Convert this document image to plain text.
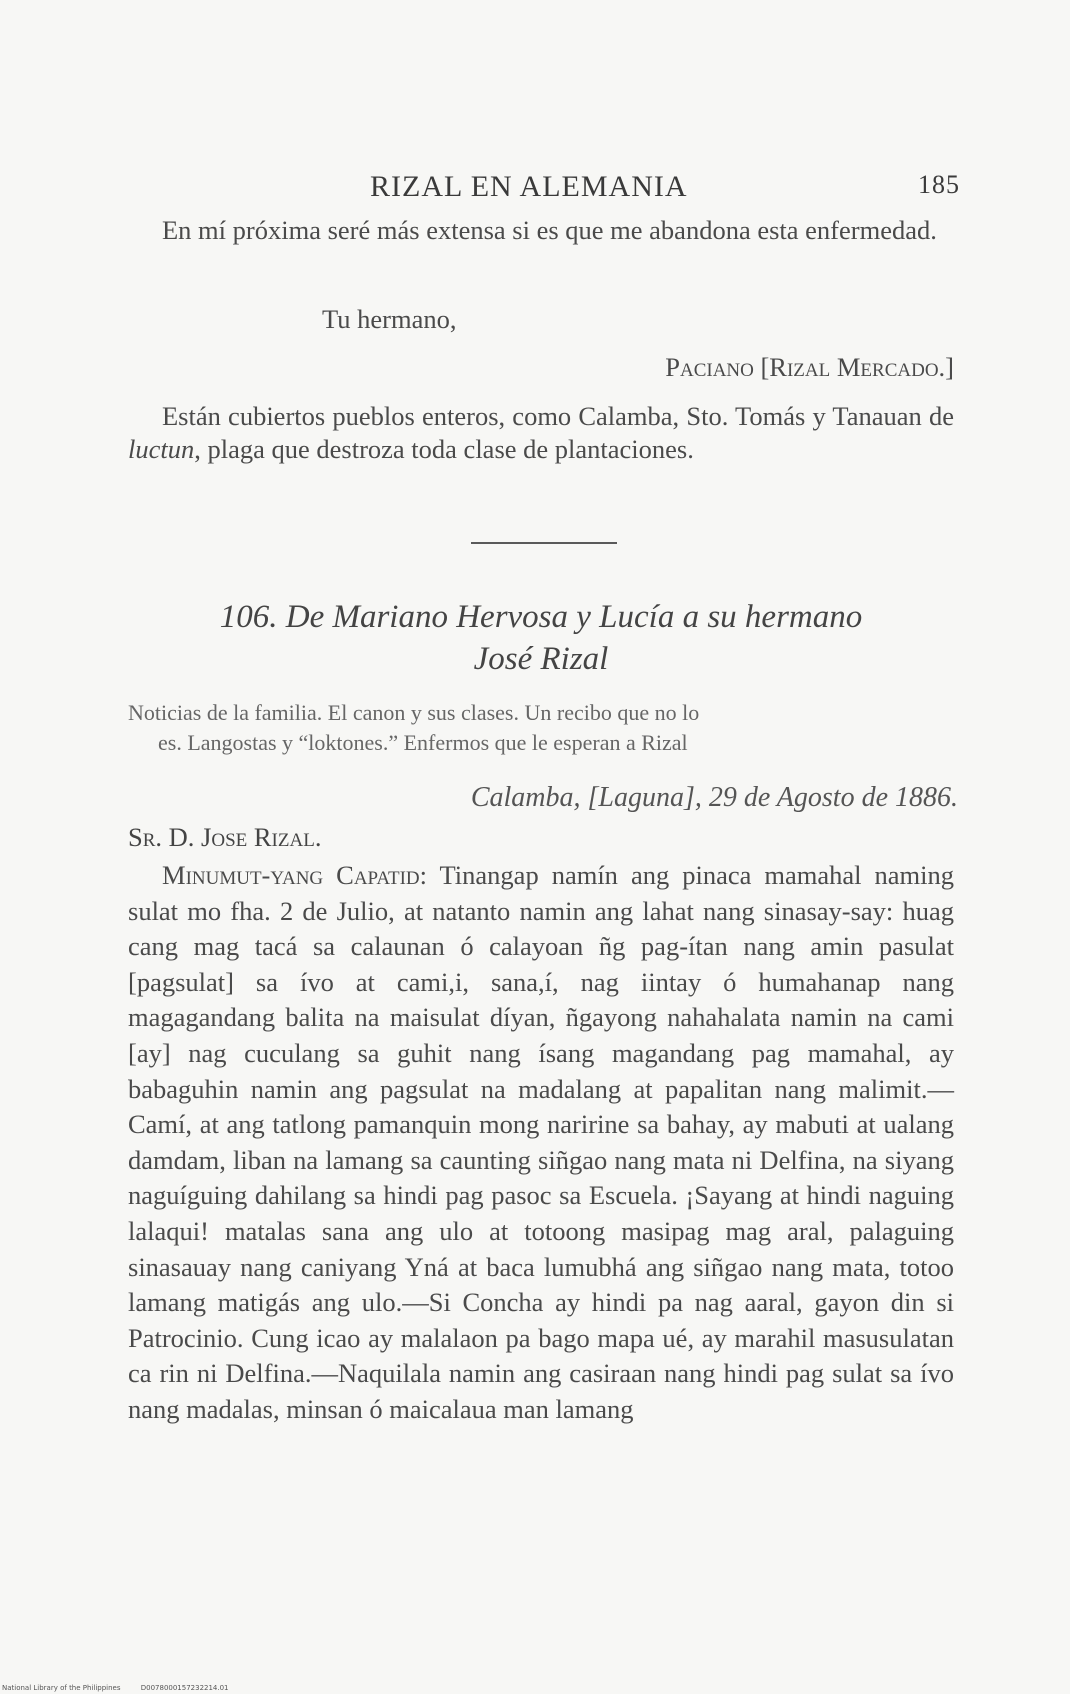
RIZAL EN ALEMANIA	185
En mí próxima seré más extensa si es que me abandona esta enfermedad.
Tu hermano,
Paciano [Rizal Mercado.]
Están cubiertos pueblos enteros, como Calamba, Sto. Tomás y Tanauan de luctun, plaga que destroza toda clase de plantaciones.
106. De Mariano Hervosa y Lucía a su hermano
José Rizal
Noticias de la familia. El canon y sus clases. Un recibo que no lo
es. Langostas y “loktones.” Enfermos que le esperan a Rizal
Calamba, [Laguna], 29 de Agosto de 1886.
Sr. D. Jose Rizal.
Minumut-yang Capatid: Tinangap namín ang pinaca mamahal naming sulat mo fha. 2 de Julio, at natanto namin ang lahat nang sinasay-say: huag cang mag tacá sa calaunan ó calayoan ñg pag-ítan nang amin pasulat [pagsulat] sa ívo at cami,i, sana,í, nag iintay ó humahanap nang magagandang balita na maisulat díyan, ñgayong nahahalata namin na cami [ay] nag cuculang sa guhit nang ísang magandang pag mamahal, ay babaguhin namin ang pagsulat na madalang at papalitan nang malimit.—Camí, at ang tatlong pamanquin mong naririne sa bahay, ay mabuti at ualang damdam, liban na lamang sa caunting siñgao nang mata ni Delfina, na siyang naguíguing dahilang sa hindi pag pasoc sa Escuela. ¡Sayang at hindi naguing lalaqui! matalas sana ang ulo at totoong masipag mag aral, palaguing sinasauay nang caniyang Yná at baca lumubhá ang siñgao nang mata, totoo lamang matigás ang ulo.—Si Concha ay hindi pa nag aaral, gayon din si Patrocinio. Cung icao ay malalaon pa bago mapa ué, ay marahil masusulatan ca rin ni Delfina.—Naquilala namin ang casiraan nang hindi pag sulat sa ívo nang madalas, minsan ó maicalaua man lamang
National Library of the Philippines	D0078000157232214.01
